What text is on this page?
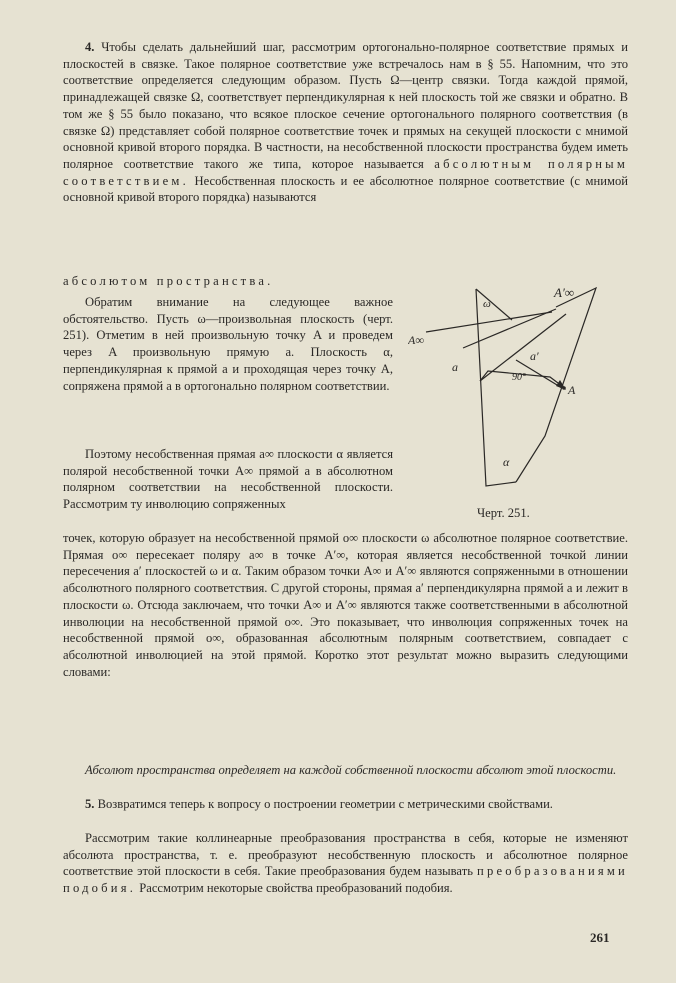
4. Чтобы сделать дальнейший шаг, рассмотрим ортогонально-полярное соответствие прямых и плоскостей в связке. Такое полярное соответствие уже встречалось нам в § 55. Напомним, что это соответствие определяется следующим образом. Пусть Ω—центр связки. Тогда каждой прямой, принадлежащей связке Ω, соответствует перпендикулярная к ней плоскость той же связки и обратно. В том же § 55 было показано, что всякое плоское сечение ортогонального полярного соответствия (в связке Ω) представляет собой полярное соответствие точек и прямых на секущей плоскости с мнимой основной кривой второго порядка. В частности, на несобственной плоскости пространства будем иметь полярное соответствие такого же типа, которое называется абсолютным полярным соответствием. Несобственная плоскость и ее абсолютное полярное соответствие (с мнимой основной кривой второго порядка) называются

абсолютом пространства.

Обратим внимание на следующее важное обстоятельство. Пусть ω—произвольная плоскость (черт. 251). Отметим в ней произвольную точку A и проведем через A произвольную прямую a. Плоскость α, перпендикулярная к прямой a и проходящая через точку A, сопряжена прямой a в ортогонально полярном соответствии.

Поэтому несобственная прямая a∞ плоскости α является полярой несобственной точки A∞ прямой a в абсолютном полярном соответствии на несобственной плоскости. Рассмотрим ту инволюцию сопряженных

точек, которую образует на несобственной прямой o∞ плоскости ω абсолютное полярное соответствие. Прямая o∞ пересекает поляру a∞ в точке A′∞, которая является несобственной точкой линии пересечения a′ плоскостей ω и α. Таким образом точки A∞ и A′∞ являются сопряженными в отношении абсолютного полярного соответствия. С другой стороны, прямая a′ перпендикулярна прямой a и лежит в плоскости ω. Отсюда заключаем, что точки A∞ и A′∞ являются также соответственными в абсолютной инволюции на несобственной прямой o∞. Это показывает, что инволюция сопряженных точек на несобственной прямой o∞, образованная абсолютным полярным соответствием, совпадает с абсолютной инволюцией на этой прямой. Коротко этот результат можно выразить следующими словами:

Абсолют пространства определяет на каждой собственной плоскости абсолют этой плоскости.

5. Возвратимся теперь к вопросу о построении геометрии с метрическими свойствами.

Рассмотрим такие коллинеарные преобразования пространства в себя, которые не изменяют абсолюта пространства, т. е. преобразуют несобственную плоскость и абсолютное полярное соответствие этой плоскости в себя. Такие преобразования будем называть преобразованиями подобия. Рассмотрим некоторые свойства преобразований подобия.

A′∞
ω
A∞
a
a′
90°
A
α
Черт. 251.
261
